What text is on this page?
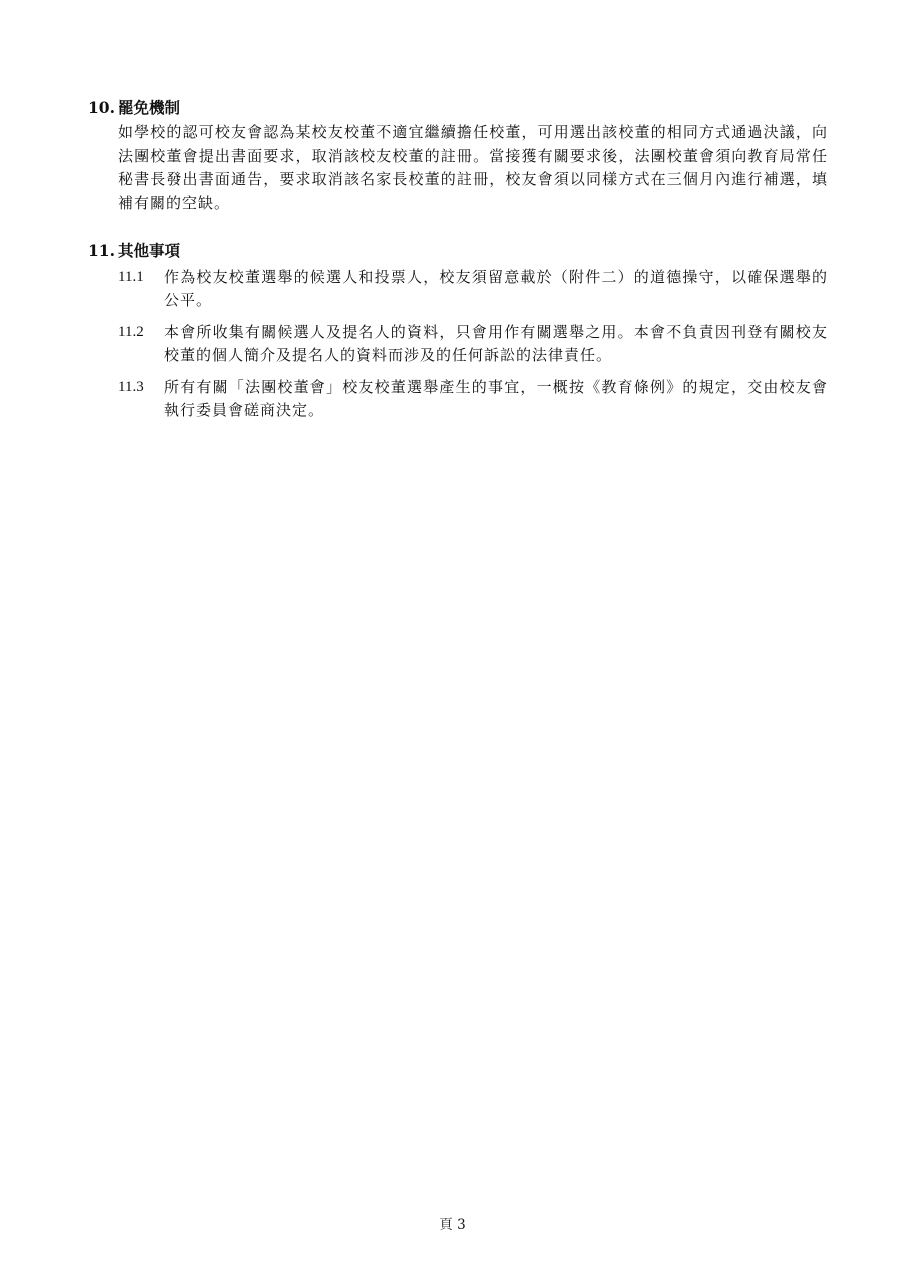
10. 罷免機制

如學校的認可校友會認為某校友校董不適宜繼續擔任校董，可用選出該校董的相同方式通過決議，向法團校董會提出書面要求，取消該校友校董的註冊。當接獲有關要求後，法團校董會須向教育局常任秘書長發出書面通告，要求取消該名家長校董的註冊，校友會須以同樣方式在三個月內進行補選，填補有關的空缺。

11. 其他事項
11.1 作為校友校董選舉的候選人和投票人，校友須留意載於（附件二）的道德操守，以確保選舉的公平。
11.2 本會所收集有關候選人及提名人的資料，只會用作有關選舉之用。本會不負責因刊登有關校友校董的個人簡介及提名人的資料而涉及的任何訴訟的法律責任。
11.3 所有有關「法團校董會」校友校董選舉產生的事宜，一概按《教育條例》的規定，交由校友會執行委員會磋商決定。
頁 3
